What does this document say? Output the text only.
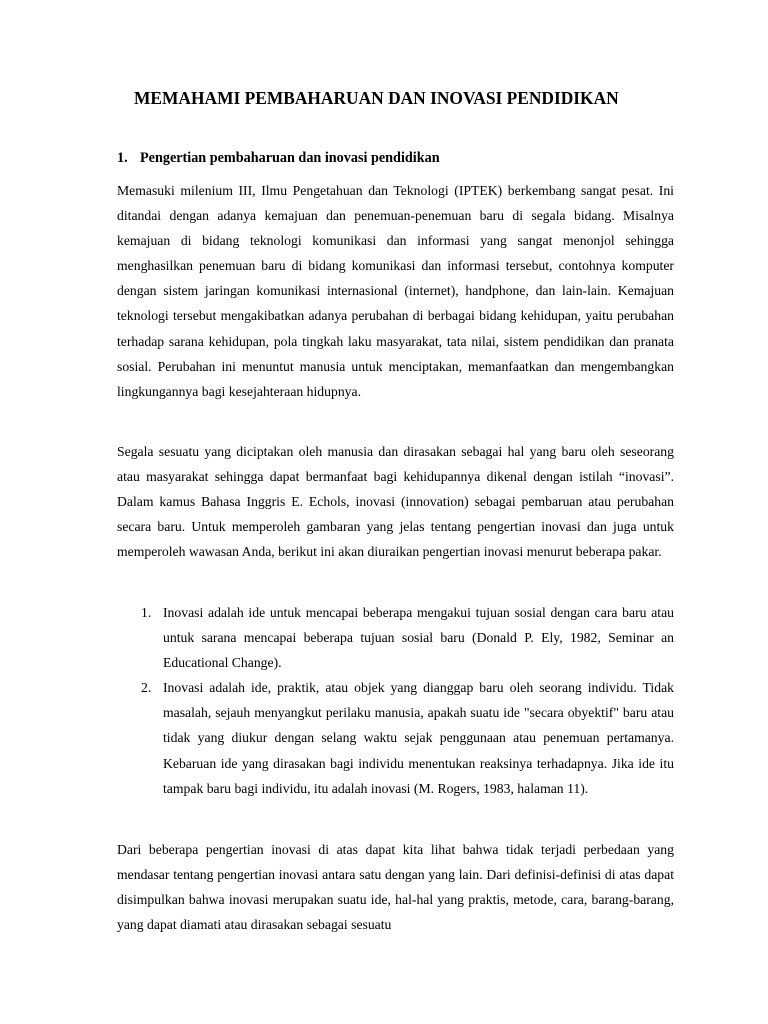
MEMAHAMI PEMBAHARUAN DAN INOVASI PENDIDIKAN
1. Pengertian pembaharuan dan inovasi pendidikan

Memasuki milenium III, Ilmu Pengetahuan dan Teknologi (IPTEK) berkembang sangat pesat. Ini ditandai dengan adanya kemajuan dan penemuan-penemuan baru di segala bidang. Misalnya kemajuan di bidang teknologi komunikasi dan informasi yang sangat menonjol sehingga menghasilkan penemuan baru di bidang komunikasi dan informasi tersebut, contohnya komputer dengan sistem jaringan komunikasi internasional (internet), handphone, dan lain-lain. Kemajuan teknologi tersebut mengakibatkan adanya perubahan di berbagai bidang kehidupan, yaitu perubahan terhadap sarana kehidupan, pola tingkah laku masyarakat, tata nilai, sistem pendidikan dan pranata sosial. Perubahan ini menuntut manusia untuk menciptakan, memanfaatkan dan mengembangkan lingkungannya bagi kesejahteraan hidupnya.

Segala sesuatu yang diciptakan oleh manusia dan dirasakan sebagai hal yang baru oleh seseorang atau masyarakat sehingga dapat bermanfaat bagi kehidupannya dikenal dengan istilah “inovasi”. Dalam kamus Bahasa Inggris E. Echols, inovasi (innovation) sebagai pembaruan atau perubahan secara baru. Untuk memperoleh gambaran yang jelas tentang pengertian inovasi dan juga untuk memperoleh wawasan Anda, berikut ini akan diuraikan pengertian inovasi menurut beberapa pakar.

1. Inovasi adalah ide untuk mencapai beberapa mengakui tujuan sosial dengan cara baru atau untuk sarana mencapai beberapa tujuan sosial baru (Donald P. Ely, 1982, Seminar an Educational Change).
2. Inovasi adalah ide, praktik, atau objek yang dianggap baru oleh seorang individu. Tidak masalah, sejauh menyangkut perilaku manusia, apakah suatu ide "secara obyektif" baru atau tidak yang diukur dengan selang waktu sejak penggunaan atau penemuan pertamanya. Kebaruan ide yang dirasakan bagi individu menentukan reaksinya terhadapnya. Jika ide itu tampak baru bagi individu, itu adalah inovasi (M. Rogers, 1983, halaman 11).

Dari beberapa pengertian inovasi di atas dapat kita lihat bahwa tidak terjadi perbedaan yang mendasar tentang pengertian inovasi antara satu dengan yang lain. Dari definisi-definisi di atas dapat disimpulkan bahwa inovasi merupakan suatu ide, hal-hal yang praktis, metode, cara, barang-barang, yang dapat diamati atau dirasakan sebagai sesuatu
